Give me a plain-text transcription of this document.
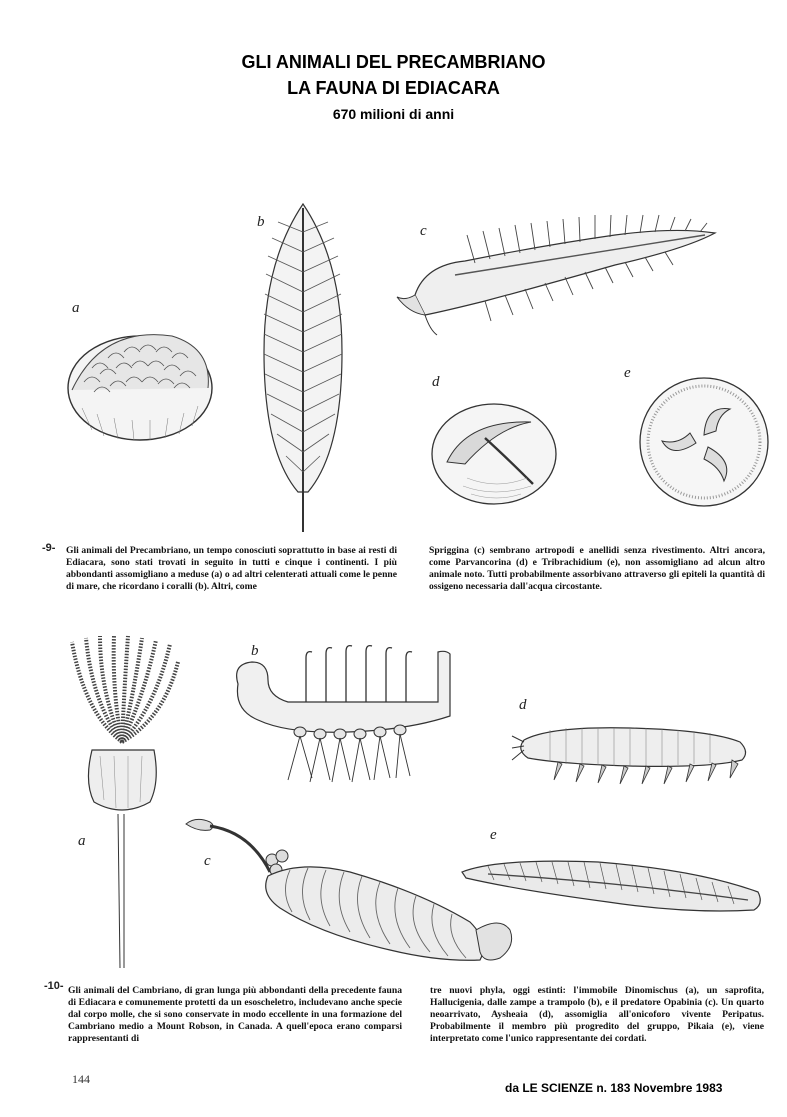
GLI ANIMALI DEL PRECAMBRIANO
LA FAUNA DI EDIACARA
670 milioni di anni
a
b
c
d
e
-9- Gli animali del Precambriano, un tempo conosciuti soprattutto in base ai resti di Ediacara, sono stati trovati in seguito in tutti e cinque i continenti. I più abbondanti assomigliano a meduse (a) o ad altri celenterati attuali come le penne di mare, che ricordano i coralli (b). Altri, come
Spriggina (c) sembrano artropodi e anellidi senza rivestimento. Altri ancora, come Parvancorina (d) e Tribrachidium (e), non assomigliano ad alcun altro animale noto. Tutti probabilmente assorbivano attraverso gli epiteli la quantità di ossigeno necessaria dall'acqua circostante.
a
b
c
d
e
-10- Gli animali del Cambriano, di gran lunga più abbondanti della precedente fauna di Ediacara e comunemente protetti da un esoscheletro, includevano anche specie dal corpo molle, che si sono conservate in modo eccellente in una formazione del Cambriano medio a Mount Robson, in Canada. A quell'epoca erano comparsi rappresentanti di
tre nuovi phyla, oggi estinti: l'immobile Dinomischus (a), un saprofita, Hallucigenia, dalle zampe a trampolo (b), e il predatore Opabinia (c). Un quarto neoarrivato, Aysheaia (d), assomiglia all'onicoforo vivente Peripatus. Probabilmente il membro più progredito del gruppo, Pikaia (e), viene interpretato come l'unico rappresentante dei cordati.
144
da LE SCIENZE n. 183 Novembre 1983
